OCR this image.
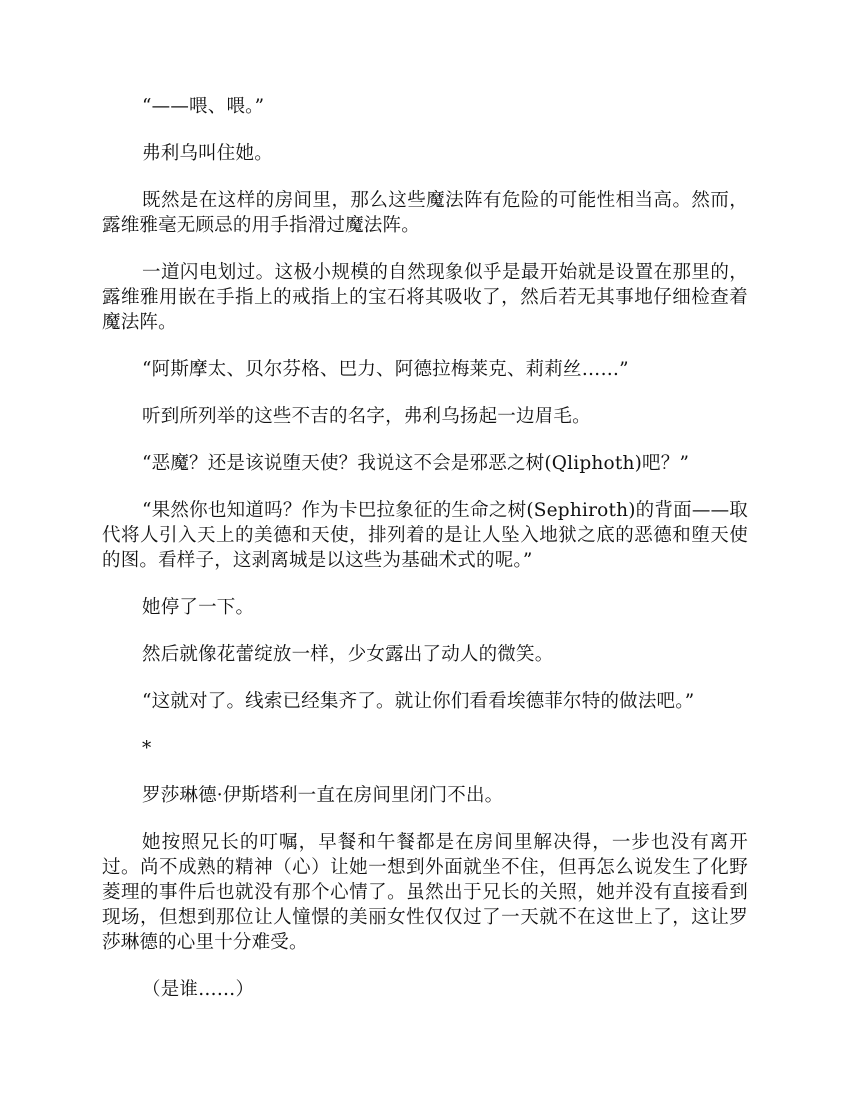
“——喂、喂。”

弗利乌叫住她。

既然是在这样的房间里，那么这些魔法阵有危险的可能性相当高。然而，露维雅毫无顾忌的用手指滑过魔法阵。

一道闪电划过。这极小规模的自然现象似乎是最开始就是设置在那里的，露维雅用嵌在手指上的戒指上的宝石将其吸收了，然后若无其事地仔细检查着魔法阵。

“阿斯摩太、贝尔芬格、巴力、阿德拉梅莱克、莉莉丝……”

听到所列举的这些不吉的名字，弗利乌扬起一边眉毛。

“恶魔？还是该说堕天使？我说这不会是邪恶之树(Qliphoth)吧？”

“果然你也知道吗？作为卡巴拉象征的生命之树(Sephiroth)的背面——取代将人引入天上的美德和天使，排列着的是让人坠入地狱之底的恶德和堕天使的图。看样子，这剥离城是以这些为基础术式的呢。”

她停了一下。

然后就像花蕾绽放一样，少女露出了动人的微笑。

“这就对了。线索已经集齐了。就让你们看看埃德菲尔特的做法吧。”

*

罗莎琳德·伊斯塔利一直在房间里闭门不出。

她按照兄长的叮嘱，早餐和午餐都是在房间里解决得，一步也没有离开过。尚不成熟的精神（心）让她一想到外面就坐不住，但再怎么说发生了化野菱理的事件后也就没有那个心情了。虽然出于兄长的关照，她并没有直接看到现场，但想到那位让人憧憬的美丽女性仅仅过了一天就不在这世上了，这让罗莎琳德的心里十分难受。

（是谁……）
